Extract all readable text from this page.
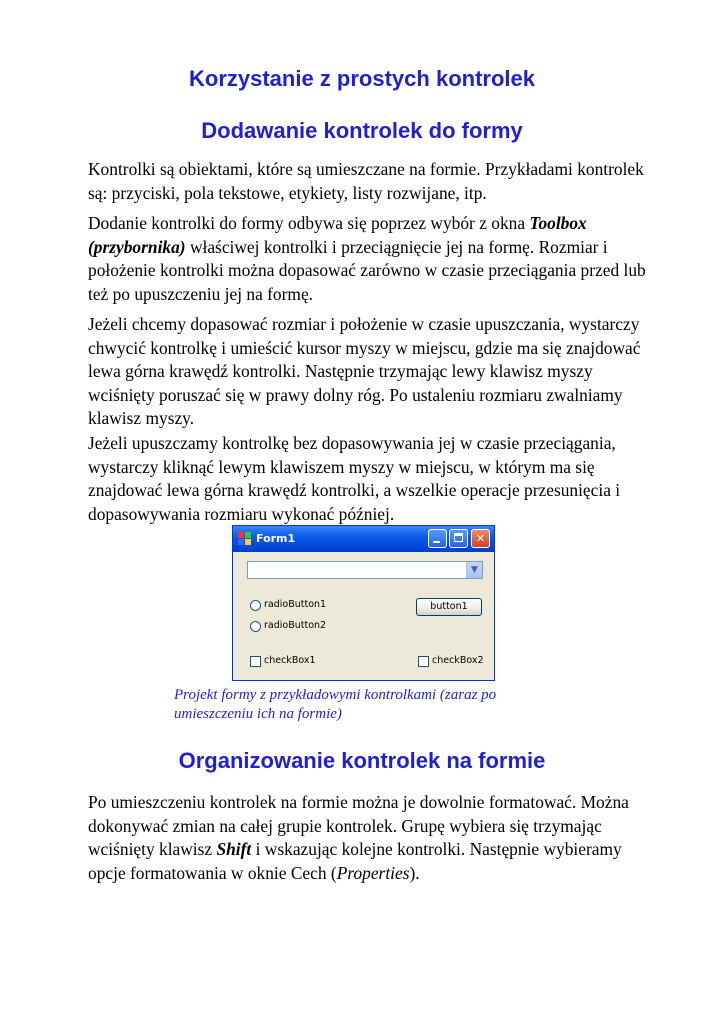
Korzystanie z prostych kontrolek
Dodawanie kontrolek do formy

Kontrolki są obiektami, które są umieszczane na formie. Przykładami kontrolek są: przyciski, pola tekstowe, etykiety, listy rozwijane, itp.

Dodanie kontrolki do formy odbywa się poprzez wybór z okna Toolbox (przybornika) właściwej kontrolki i przeciągnięcie jej na formę. Rozmiar i położenie kontrolki można dopasować zarówno w czasie przeciągania przed lub też po upuszczeniu jej na formę.

Jeżeli chcemy dopasować rozmiar i położenie w czasie upuszczania, wystarczy chwycić kontrolkę i umieścić kursor myszy w miejscu, gdzie ma się znajdować lewa górna krawędź kontrolki. Następnie trzymając lewy klawisz myszy wciśnięty poruszać się w prawy dolny róg. Po ustaleniu rozmiaru zwalniamy klawisz myszy.

Jeżeli upuszczamy kontrolkę bez dopasowywania jej w czasie przeciągania, wystarczy kliknąć lewym klawiszem myszy w miejscu, w którym ma się znajdować lewa górna krawędź kontrolki, a wszelkie operacje przesunięcia i dopasowywania rozmiaru wykonać później.

Form1	✕
▼
radioButton1
radioButton2
button1
checkBox1	checkBox2

Projekt formy z przykładowymi kontrolkami (zaraz po umieszczeniu ich na formie)

Organizowanie kontrolek na formie

Po umieszczeniu kontrolek na formie można je dowolnie formatować. Można dokonywać zmian na całej grupie kontrolek. Grupę wybiera się trzymając wciśnięty klawisz Shift i wskazując kolejne kontrolki. Następnie wybieramy opcje formatowania w oknie Cech (Properties).
